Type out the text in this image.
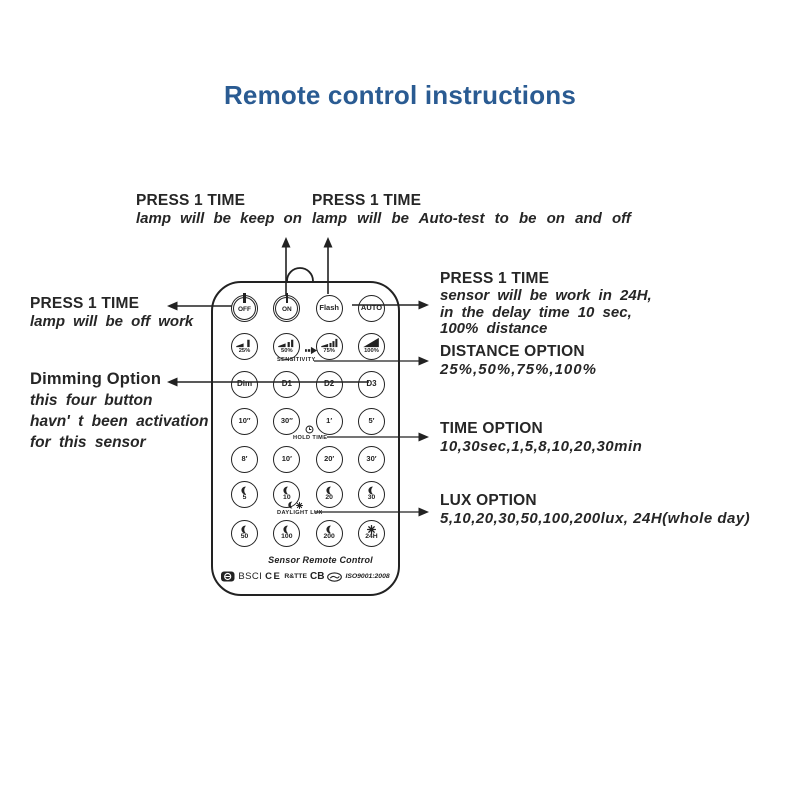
Remote control instructions
PRESS 1 TIME
lamp will be keep on
PRESS 1 TIME
lamp will be Auto-test to be on and off
PRESS 1 TIME
lamp will be off work
Dimming Option
this four button
havn' t been activation
for this sensor
PRESS 1 TIME
sensor will be work in 24H,
in the delay time 10 sec,
100% distance
DISTANCE OPTION
25%,50%,75%,100%
TIME OPTION
10,30sec,1,5,8,10,20,30min
LUX OPTION
5,10,20,30,50,100,200lux, 24H(whole day)
OFF	ON	Flash	AUTO
25%	50%	75%	100%
SENSITIVITY
Dim	D1	D2	D3
10″	30″	1′	5′
HOLD TIME
8′	10′	20′	30′
5	10	20	30
DAYLIGHT LUX
50	100	200	24H
Sensor Remote Control
BSCI CE R&TTE CB	ISO9001:2008
